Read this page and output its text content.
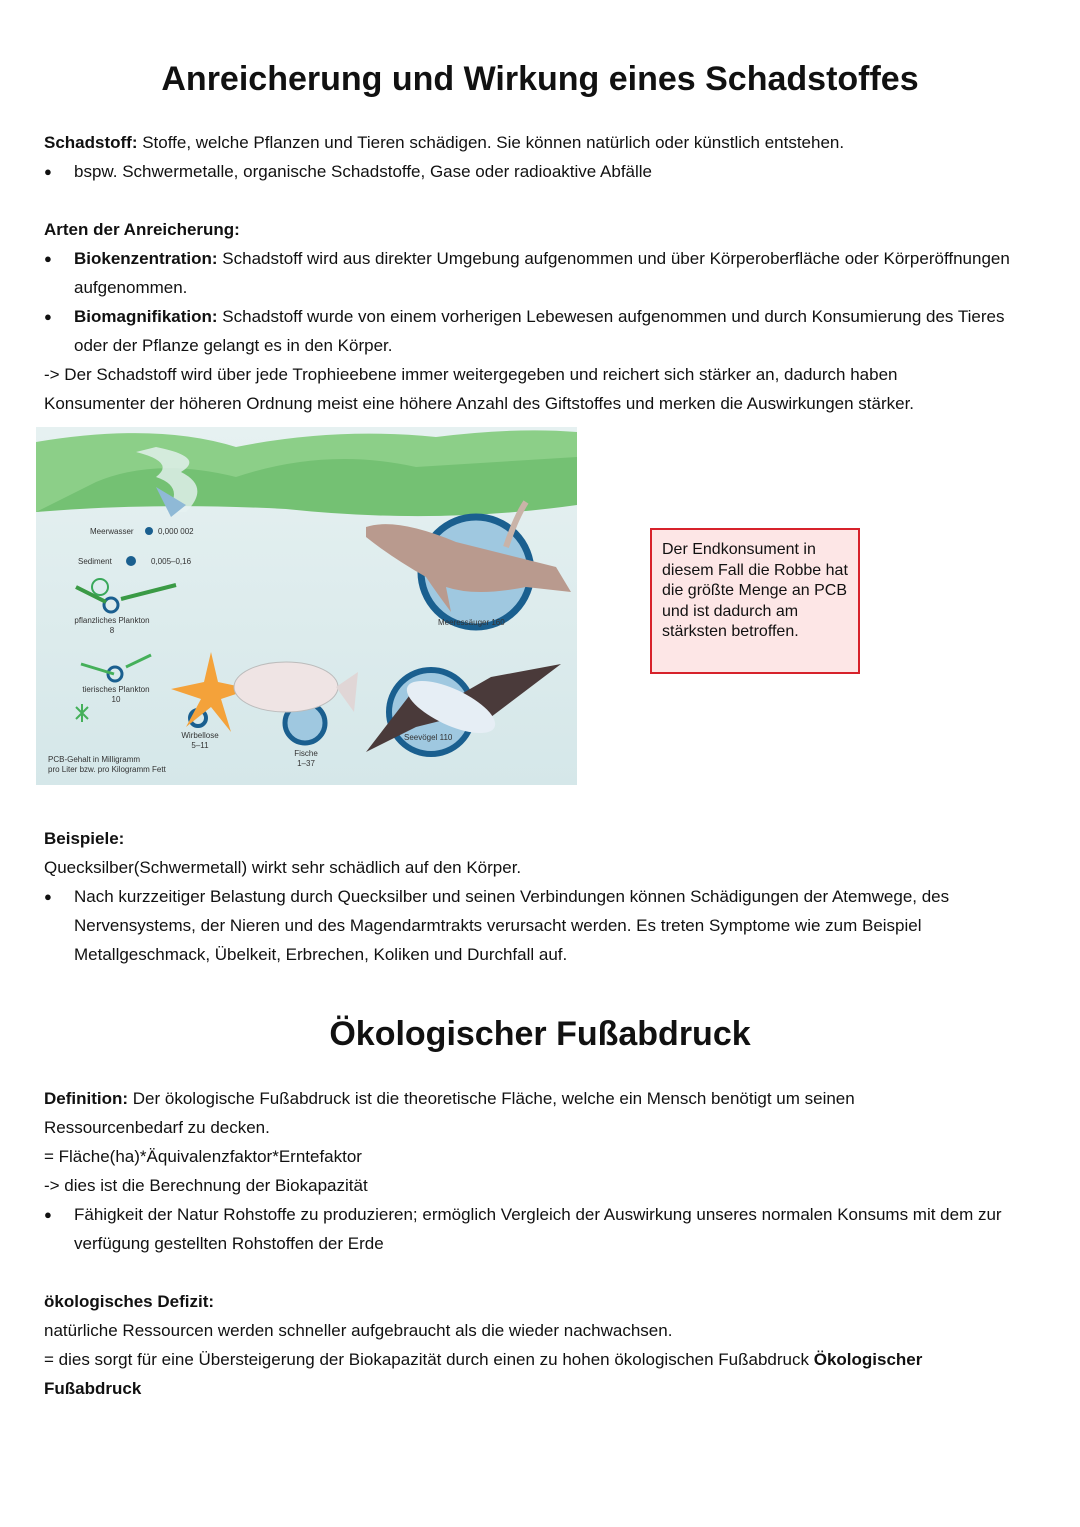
Anreicherung und Wirkung eines Schadstoffes

Schadstoff: Stoffe, welche Pflanzen und Tieren schädigen. Sie können natürlich oder künstlich entstehen.

● bspw. Schwermetalle, organische Schadstoffe, Gase oder radioaktive Abfälle

Arten der Anreicherung:

● Biokenzentration: Schadstoff wird aus direkter Umgebung aufgenommen und über Körperoberfläche oder Körperöffnungen aufgenommen.

● Biomagnifikation: Schadstoff wurde von einem vorherigen Lebewesen aufgenommen und durch Konsumierung des Tieres oder der Pflanze gelangt es in den Körper.

-> Der Schadstoff wird über jede Trophieebene immer weitergegeben und reichert sich stärker an, dadurch haben Konsumenter der höheren Ordnung meist eine höhere Anzahl des Giftstoffes und merken die Auswirkungen stärker.

Meerwasser	0,000 002
Sediment	0,005–0,16
pflanzliches Plankton
8
tierisches Plankton
10
Wirbellose
5–11
Fische
1–37
Seevögel 110
Meeressäuger 160
PCB-Gehalt in Milligramm
pro Liter bzw. pro Kilogramm Fett
Der Endkonsument in diesem Fall die Robbe hat die größte Menge an PCB und ist dadurch am stärksten betroffen.

Beispiele:

Quecksilber(Schwermetall) wirkt sehr schädlich auf den Körper.

● Nach kurzzeitiger Belastung durch Quecksilber und seinen Verbindungen können Schädigungen der Atemwege, des Nervensystems, der Nieren und des Magendarmtrakts verursacht werden. Es treten Symptome wie zum Beispiel Metallgeschmack, Übelkeit, Erbrechen, Koliken und Durchfall auf.

Ökologischer Fußabdruck

Definition: Der ökologische Fußabdruck ist die theoretische Fläche, welche ein Mensch benötigt um seinen Ressourcenbedarf zu decken.

= Fläche(ha)*Äquivalenzfaktor*Erntefaktor

-> dies ist die Berechnung der Biokapazität

● Fähigkeit der Natur Rohstoffe zu produzieren; ermöglich Vergleich der Auswirkung unseres normalen Konsums mit dem zur verfügung gestellten Rohstoffen der Erde

ökologisches Defizit:

natürliche Ressourcen werden schneller aufgebraucht als die wieder nachwachsen.

= dies sorgt für eine Übersteigerung der Biokapazität durch einen zu hohen ökologischen Fußabdruck Ökologischer Fußabdruck
